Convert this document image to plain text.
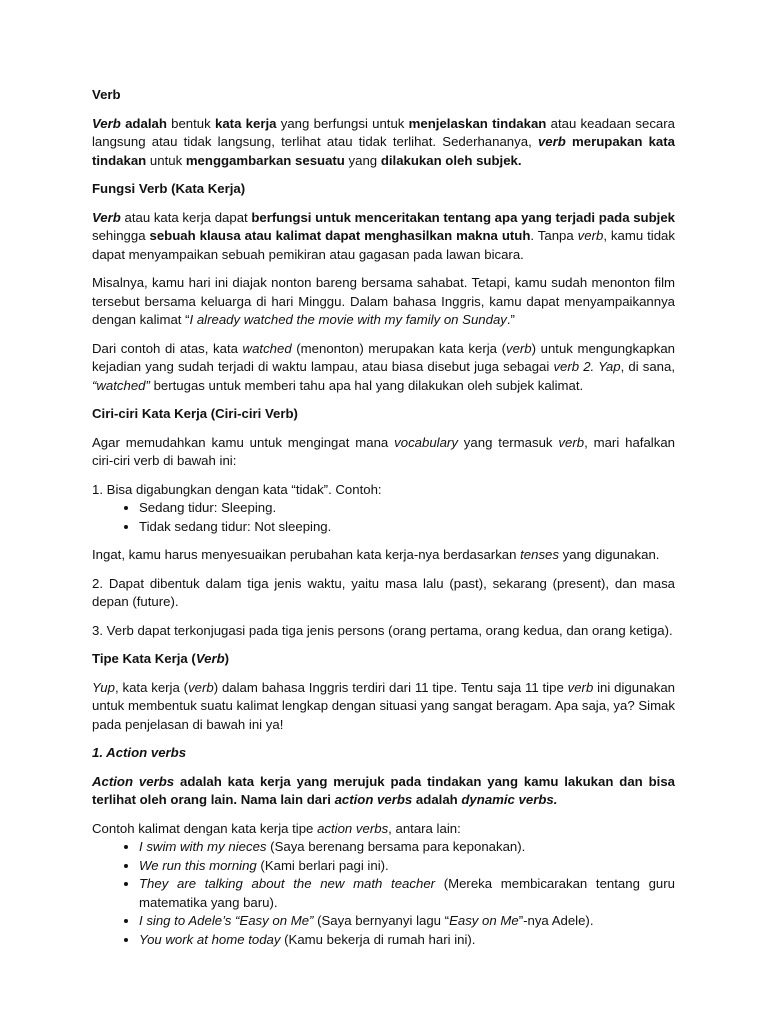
Verb

Verb adalah bentuk kata kerja yang berfungsi untuk menjelaskan tindakan atau keadaan secara langsung atau tidak langsung, terlihat atau tidak terlihat. Sederhananya, verb merupakan kata tindakan untuk menggambarkan sesuatu yang dilakukan oleh subjek.

Fungsi Verb (Kata Kerja)

Verb atau kata kerja dapat berfungsi untuk menceritakan tentang apa yang terjadi pada subjek sehingga sebuah klausa atau kalimat dapat menghasilkan makna utuh. Tanpa verb, kamu tidak dapat menyampaikan sebuah pemikiran atau gagasan pada lawan bicara.

Misalnya, kamu hari ini diajak nonton bareng bersama sahabat. Tetapi, kamu sudah menonton film tersebut bersama keluarga di hari Minggu. Dalam bahasa Inggris, kamu dapat menyampaikannya dengan kalimat “I already watched the movie with my family on Sunday.”

Dari contoh di atas, kata watched (menonton) merupakan kata kerja (verb) untuk mengungkapkan kejadian yang sudah terjadi di waktu lampau, atau biasa disebut juga sebagai verb 2. Yap, di sana, “watched” bertugas untuk memberi tahu apa hal yang dilakukan oleh subjek kalimat.

Ciri-ciri Kata Kerja (Ciri-ciri Verb)

Agar memudahkan kamu untuk mengingat mana vocabulary yang termasuk verb, mari hafalkan ciri-ciri verb di bawah ini:

1. Bisa digabungkan dengan kata “tidak”. Contoh:

• Sedang tidur: Sleeping.
• Tidak sedang tidur: Not sleeping.

Ingat, kamu harus menyesuaikan perubahan kata kerja-nya berdasarkan tenses yang digunakan.

2. Dapat dibentuk dalam tiga jenis waktu, yaitu masa lalu (past), sekarang (present), dan masa depan (future).

3. Verb dapat terkonjugasi pada tiga jenis persons (orang pertama, orang kedua, dan orang ketiga).

Tipe Kata Kerja (Verb)

Yup, kata kerja (verb) dalam bahasa Inggris terdiri dari 11 tipe. Tentu saja 11 tipe verb ini digunakan untuk membentuk suatu kalimat lengkap dengan situasi yang sangat beragam. Apa saja, ya? Simak pada penjelasan di bawah ini ya!

1. Action verbs

Action verbs adalah kata kerja yang merujuk pada tindakan yang kamu lakukan dan bisa terlihat oleh orang lain. Nama lain dari action verbs adalah dynamic verbs.

Contoh kalimat dengan kata kerja tipe action verbs, antara lain:

• I swim with my nieces (Saya berenang bersama para keponakan).
• We run this morning (Kami berlari pagi ini).
• They are talking about the new math teacher (Mereka membicarakan tentang guru matematika yang baru).
• I sing to Adele’s “Easy on Me” (Saya bernyanyi lagu “Easy on Me”-nya Adele).
• You work at home today (Kamu bekerja di rumah hari ini).
